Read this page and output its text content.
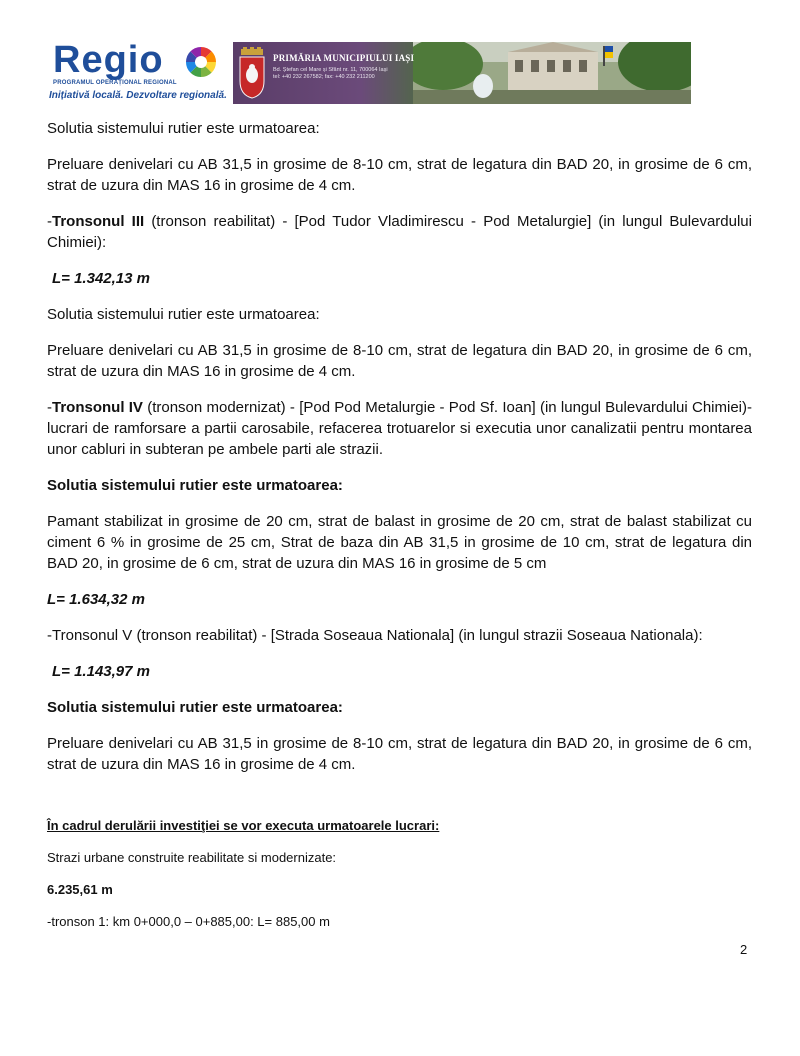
Regio
PROGRAMUL OPERAȚIONAL REGIONAL
Inițiativă locală. Dezvoltare regională.
PRIMĂRIA MUNICIPIULUI IAȘI
Bd. Ștefan cel Mare și Sfânt nr. 11, 700064 Iași
tel: +40 232 267582; fax: +40 232 211200

Solutia sistemului rutier este urmatoarea:

Preluare denivelari cu AB 31,5 in grosime de 8-10 cm, strat de legatura din BAD 20, in grosime de 6 cm, strat de uzura din MAS 16 in grosime de 4 cm.

-Tronsonul III (tronson reabilitat) - [Pod Tudor Vladimirescu - Pod Metalurgie] (in lungul Bulevardului Chimiei):

L= 1.342,13 m

Solutia sistemului rutier este urmatoarea:

Preluare denivelari cu AB 31,5 in grosime de 8-10 cm, strat de legatura din BAD 20, in grosime de 6 cm, strat de uzura din MAS 16 in grosime de 4 cm.

-Tronsonul IV (tronson modernizat) - [Pod Pod Metalurgie - Pod Sf. Ioan] (in lungul Bulevardului Chimiei)- lucrari de ramforsare a partii carosabile, refacerea trotuarelor si executia unor canalizatii pentru montarea unor cabluri in subteran pe ambele parti ale strazii.

Solutia sistemului rutier este urmatoarea:

Pamant stabilizat in grosime de 20 cm, strat de balast in grosime de 20 cm, strat de balast stabilizat cu ciment 6 % in grosime de 25 cm, Strat de baza din AB 31,5 in grosime de 10 cm, strat de legatura din BAD 20, in grosime de 6 cm, strat de uzura din MAS 16 in grosime de 5 cm

L= 1.634,32 m

-Tronsonul V (tronson reabilitat) - [Strada Soseaua Nationala] (in lungul strazii Soseaua Nationala):

L= 1.143,97 m

Solutia sistemului rutier este urmatoarea:

Preluare denivelari cu AB 31,5 in grosime de 8-10 cm, strat de legatura din BAD 20, in grosime de 6 cm, strat de uzura din MAS 16 in grosime de 4 cm.

În cadrul derulării investiţiei se vor executa urmatoarele lucrari:

Strazi urbane construite reabilitate si modernizate:

6.235,61 m

-tronson 1: km 0+000,0 – 0+885,00: L= 885,00 m

2
